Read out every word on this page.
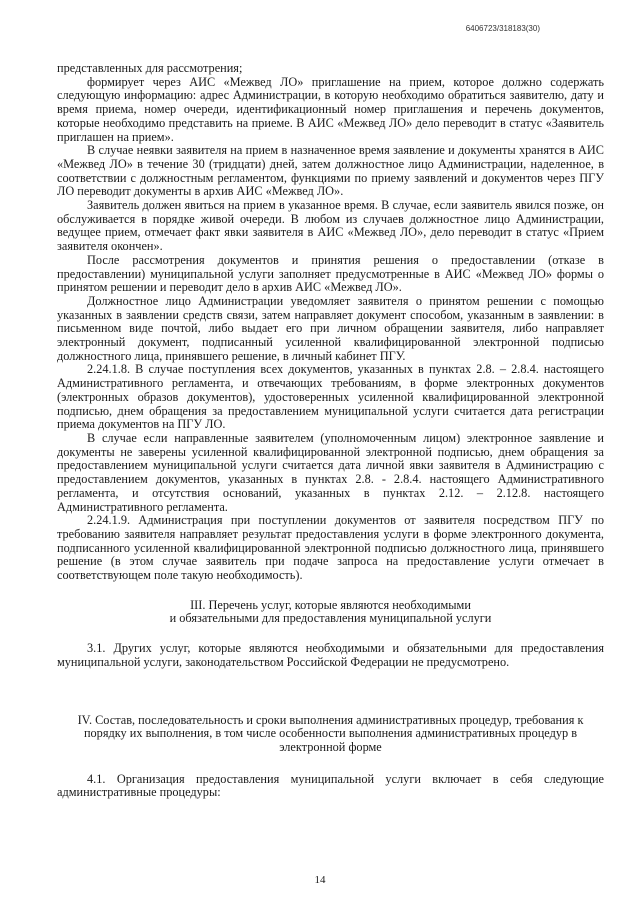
6406723/318183(30)

представленных для рассмотрения;

формирует через АИС «Межвед ЛО» приглашение на прием, которое должно содержать следующую информацию: адрес Администрации, в которую необходимо обратиться заявителю, дату и время приема, номер очереди, идентификационный номер приглашения и перечень документов, которые необходимо представить на приеме. В АИС «Межвед ЛО» дело переводит в статус «Заявитель приглашен на прием».

В случае неявки заявителя на прием в назначенное время заявление и документы хранятся в АИС «Межвед ЛО» в течение 30 (тридцати) дней, затем должностное лицо Администрации, наделенное, в соответствии с должностным регламентом, функциями по приему заявлений и документов через ПГУ ЛО переводит документы в архив АИС «Межвед ЛО».

Заявитель должен явиться на прием в указанное время. В случае, если заявитель явился позже, он обслуживается в порядке живой очереди. В любом из случаев должностное лицо Администрации, ведущее прием, отмечает факт явки заявителя в АИС «Межвед ЛО», дело переводит в статус «Прием заявителя окончен».

После рассмотрения документов и принятия решения о предоставлении (отказе в предоставлении) муниципальной услуги заполняет предусмотренные в АИС «Межвед ЛО» формы о принятом решении и переводит дело в архив АИС «Межвед ЛО».

Должностное лицо Администрации уведомляет заявителя о принятом решении с помощью указанных в заявлении средств связи, затем направляет документ способом, указанным в заявлении: в письменном виде почтой, либо выдает его при личном обращении заявителя, либо направляет электронный документ, подписанный усиленной квалифицированной электронной подписью должностного лица, принявшего решение, в личный кабинет ПГУ.

2.24.1.8. В случае поступления всех документов, указанных в пунктах 2.8. – 2.8.4. настоящего Административного регламента, и отвечающих требованиям, в форме электронных документов (электронных образов документов), удостоверенных усиленной квалифицированной электронной подписью, днем обращения за предоставлением муниципальной услуги считается дата регистрации приема документов на ПГУ ЛО.

В случае если направленные заявителем (уполномоченным лицом) электронное заявление и документы не заверены усиленной квалифицированной электронной подписью, днем обращения за предоставлением муниципальной услуги считается дата личной явки заявителя в Администрацию с предоставлением документов, указанных в пунктах 2.8. - 2.8.4. настоящего Административного регламента, и отсутствия оснований, указанных в пунктах 2.12. – 2.12.8. настоящего Административного регламента.

2.24.1.9. Администрация при поступлении документов от заявителя посредством ПГУ по требованию заявителя направляет результат предоставления услуги в форме электронного документа, подписанного усиленной квалифицированной электронной подписью должностного лица, принявшего решение (в этом случае заявитель при подаче запроса на предоставление услуги отмечает в соответствующем поле такую необходимость).

III. Перечень услуг, которые являются необходимыми

и обязательными для предоставления муниципальной услуги

3.1. Других услуг, которые являются необходимыми и обязательными для предоставления муниципальной услуги, законодательством Российской Федерации не предусмотрено.

IV. Состав, последовательность и сроки выполнения административных процедур, требования к порядку их выполнения, в том числе особенности выполнения административных процедур в электронной форме

4.1. Организация предоставления муниципальной услуги включает в себя следующие административные процедуры:

14
